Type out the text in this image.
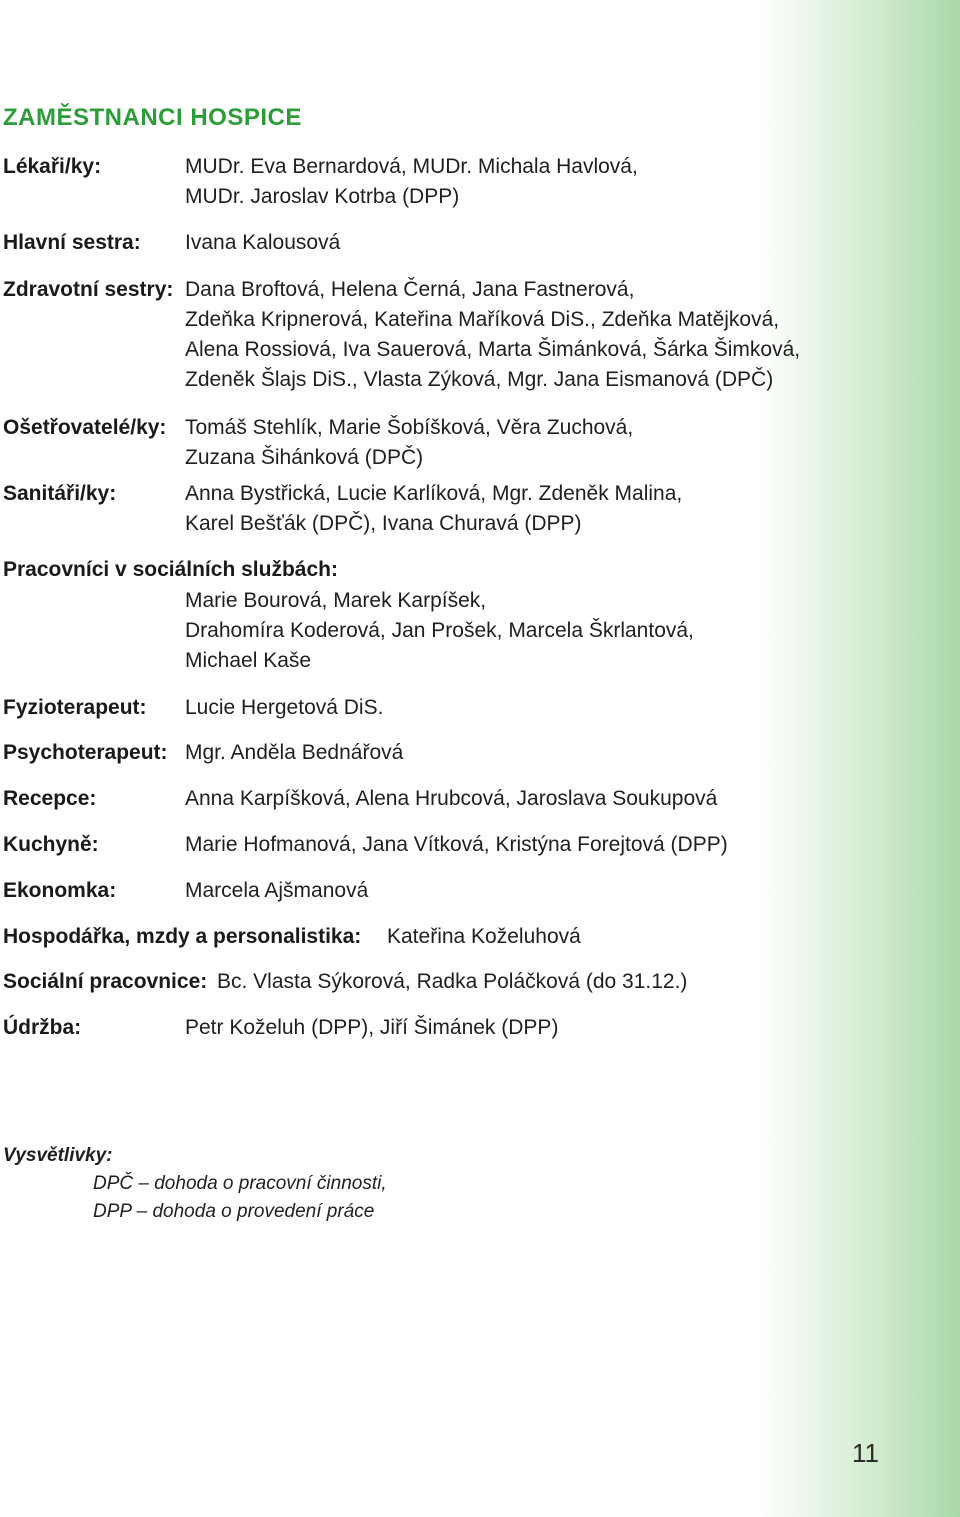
ZAMĚSTNANCI HOSPICE
Lékaři/ky:	MUDr. Eva Bernardová, MUDr. Michala Havlová,
MUDr. Jaroslav Kotrba (DPP)
Hlavní sestra: Ivana Kalousová
Zdravotní sestry: Dana Broftová, Helena Černá, Jana Fastnerová,
Zdeňka Kripnerová, Kateřina Maříková DiS., Zdeňka Matějková,
Alena Rossiová, Iva Sauerová, Marta Šimánková, Šárka Šimková,
Zdeněk Šlajs DiS., Vlasta Zýková, Mgr. Jana Eismanová (DPČ)
Ošetřovatelé/ky: Tomáš Stehlík, Marie Šobíšková, Věra Zuchová,
Zuzana Šihánková (DPČ)
Sanitáři/ky:	Anna Bystřická, Lucie Karlíková, Mgr. Zdeněk Malina,
Karel Bešťák (DPČ), Ivana Churavá (DPP)
Pracovníci v sociálních službách:
Marie Bourová, Marek Karpíšek,
Drahomíra Koderová, Jan Prošek, Marcela Škrlantová,
Michael Kaše
Fyzioterapeut: Lucie Hergetová DiS.
Psychoterapeut: Mgr. Anděla Bednářová
Recepce:	Anna Karpíšková, Alena Hrubcová, Jaroslava Soukupová
Kuchyně:	Marie Hofmanová, Jana Vítková, Kristýna Forejtová (DPP)
Ekonomka:	Marcela Ajšmanová
Hospodářka, mzdy a personalistika: Kateřina Koželuhová
Sociální pracovnice: Bc. Vlasta Sýkorová, Radka Poláčková (do 31.12.)
Údržba:	Petr Koželuh (DPP), Jiří Šimánek (DPP)
Vysvětlivky:
DPČ – dohoda o pracovní činnosti,
DPP – dohoda o provedení práce
11
